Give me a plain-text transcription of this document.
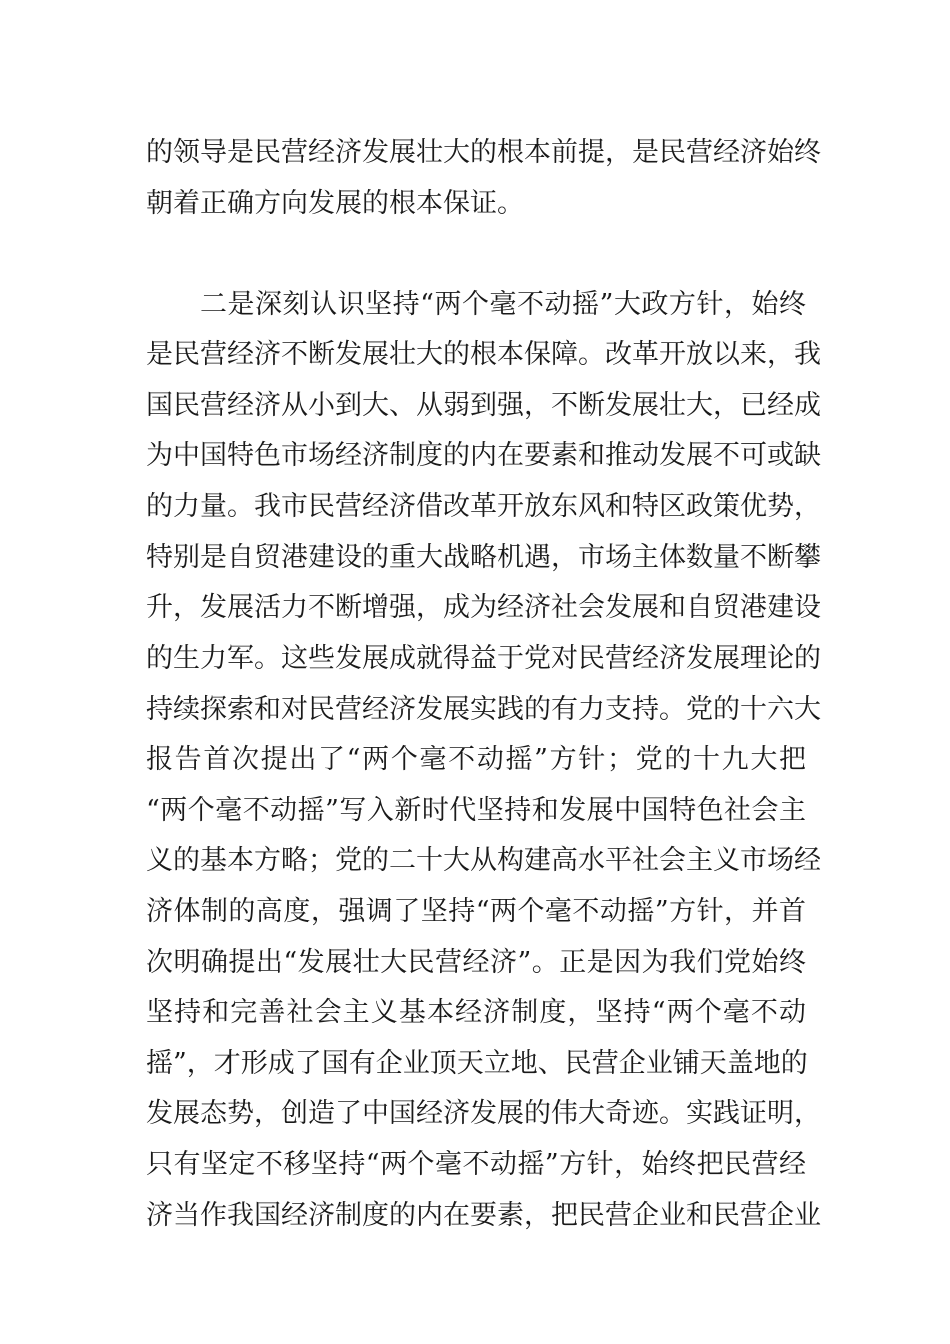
的领导是民营经济发展壮大的根本前提，是民营经济始终
朝着正确方向发展的根本保证。
二是深刻认识坚持“两个毫不动摇”大政方针，始终
是民营经济不断发展壮大的根本保障。改革开放以来，我
国民营经济从小到大、从弱到强，不断发展壮大，已经成
为中国特色市场经济制度的内在要素和推动发展不可或缺
的力量。我市民营经济借改革开放东风和特区政策优势，
特别是自贸港建设的重大战略机遇，市场主体数量不断攀
升，发展活力不断增强，成为经济社会发展和自贸港建设
的生力军。这些发展成就得益于党对民营经济发展理论的
持续探索和对民营经济发展实践的有力支持。党的十六大
报告首次提出了“两个毫不动摇”方针；党的十九大把
“两个毫不动摇”写入新时代坚持和发展中国特色社会主
义的基本方略；党的二十大从构建高水平社会主义市场经
济体制的高度，强调了坚持“两个毫不动摇”方针，并首
次明确提出“发展壮大民营经济”。正是因为我们党始终
坚持和完善社会主义基本经济制度，坚持“两个毫不动
摇”，才形成了国有企业顶天立地、民营企业铺天盖地的
发展态势，创造了中国经济发展的伟大奇迹。实践证明，
只有坚定不移坚持“两个毫不动摇”方针，始终把民营经
济当作我国经济制度的内在要素，把民营企业和民营企业
